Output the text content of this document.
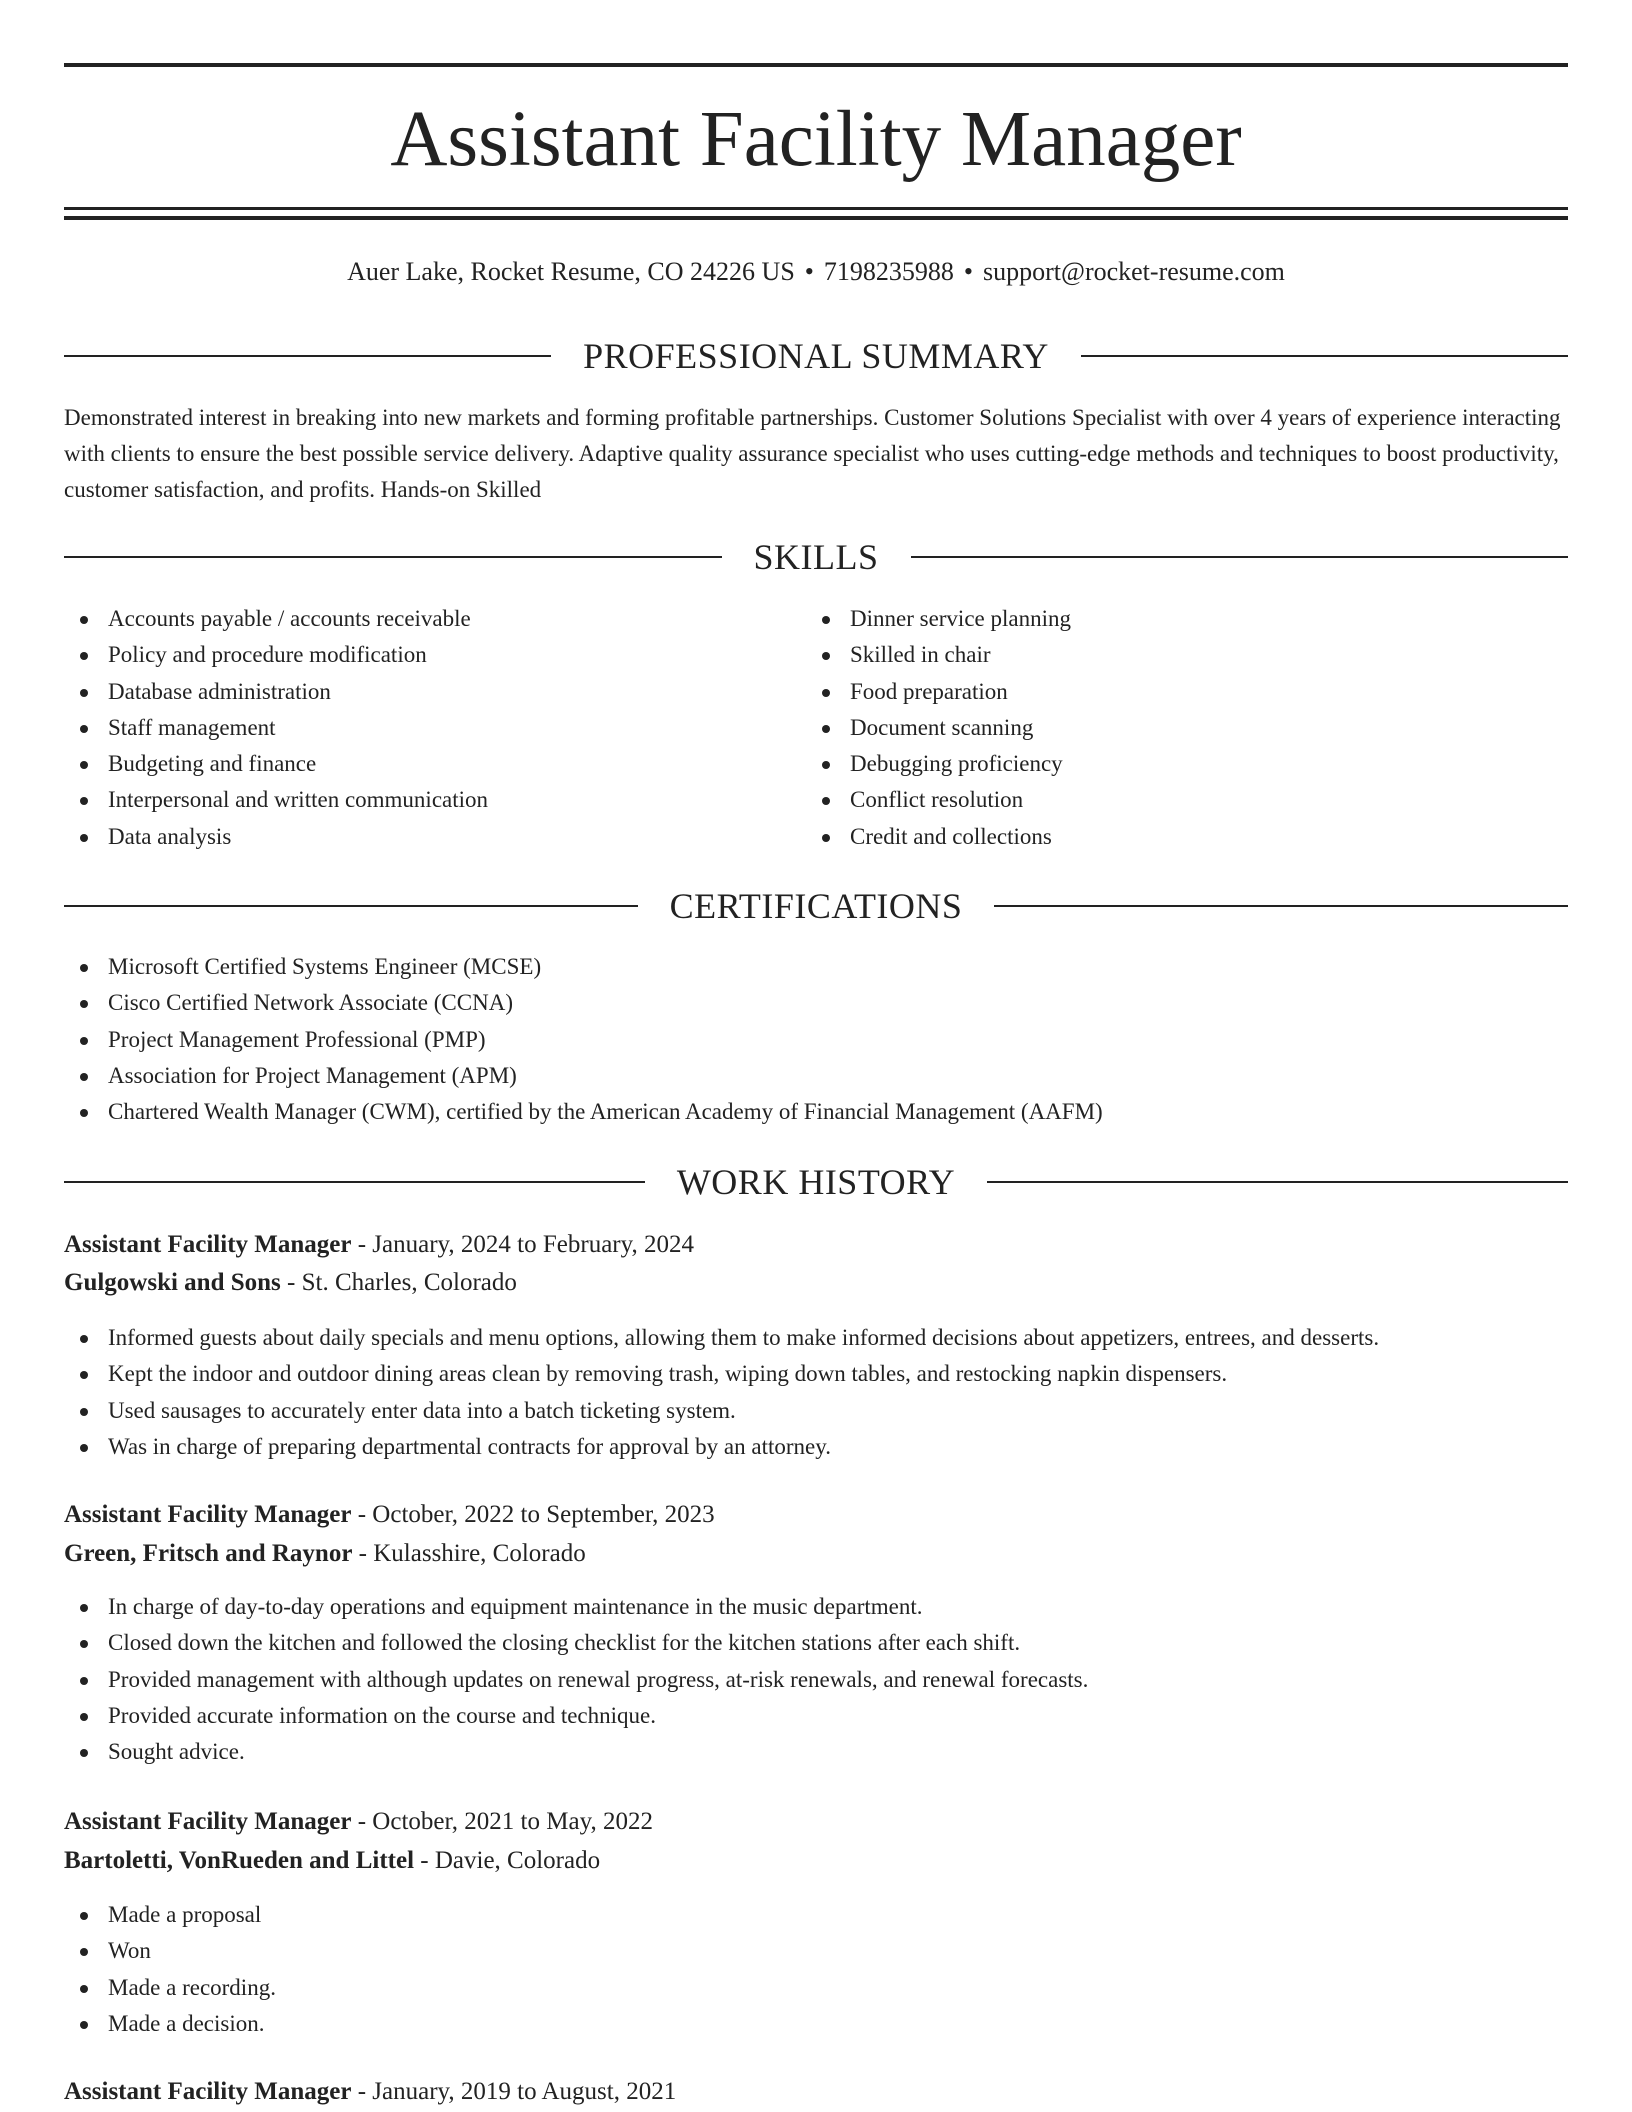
Assistant Facility Manager
Auer Lake, Rocket Resume, CO 24226 US • 7198235988 • support@rocket-resume.com
PROFESSIONAL SUMMARY

Demonstrated interest in breaking into new markets and forming profitable partnerships. Customer Solutions Specialist with over 4 years of experience interacting with clients to ensure the best possible service delivery. Adaptive quality assurance specialist who uses cutting-edge methods and techniques to boost productivity, customer satisfaction, and profits. Hands-on Skilled

SKILLS
Accounts payable / accounts receivable
Policy and procedure modification
Database administration
Staff management
Budgeting and finance
Interpersonal and written communication
Data analysis
Dinner service planning
Skilled in chair
Food preparation
Document scanning
Debugging proficiency
Conflict resolution
Credit and collections
CERTIFICATIONS
Microsoft Certified Systems Engineer (MCSE)
Cisco Certified Network Associate (CCNA)
Project Management Professional (PMP)
Association for Project Management (APM)
Chartered Wealth Manager (CWM), certified by the American Academy of Financial Management (AAFM)
WORK HISTORY
Assistant Facility Manager - January, 2024 to February, 2024
Gulgowski and Sons - St. Charles, Colorado
Informed guests about daily specials and menu options, allowing them to make informed decisions about appetizers, entrees, and desserts.
Kept the indoor and outdoor dining areas clean by removing trash, wiping down tables, and restocking napkin dispensers.
Used sausages to accurately enter data into a batch ticketing system.
Was in charge of preparing departmental contracts for approval by an attorney.
Assistant Facility Manager - October, 2022 to September, 2023
Green, Fritsch and Raynor - Kulasshire, Colorado
In charge of day-to-day operations and equipment maintenance in the music department.
Closed down the kitchen and followed the closing checklist for the kitchen stations after each shift.
Provided management with although updates on renewal progress, at-risk renewals, and renewal forecasts.
Provided accurate information on the course and technique.
Sought advice.
Assistant Facility Manager - October, 2021 to May, 2022
Bartoletti, VonRueden and Littel - Davie, Colorado
Made a proposal
Won
Made a recording.
Made a decision.
Assistant Facility Manager - January, 2019 to August, 2021
